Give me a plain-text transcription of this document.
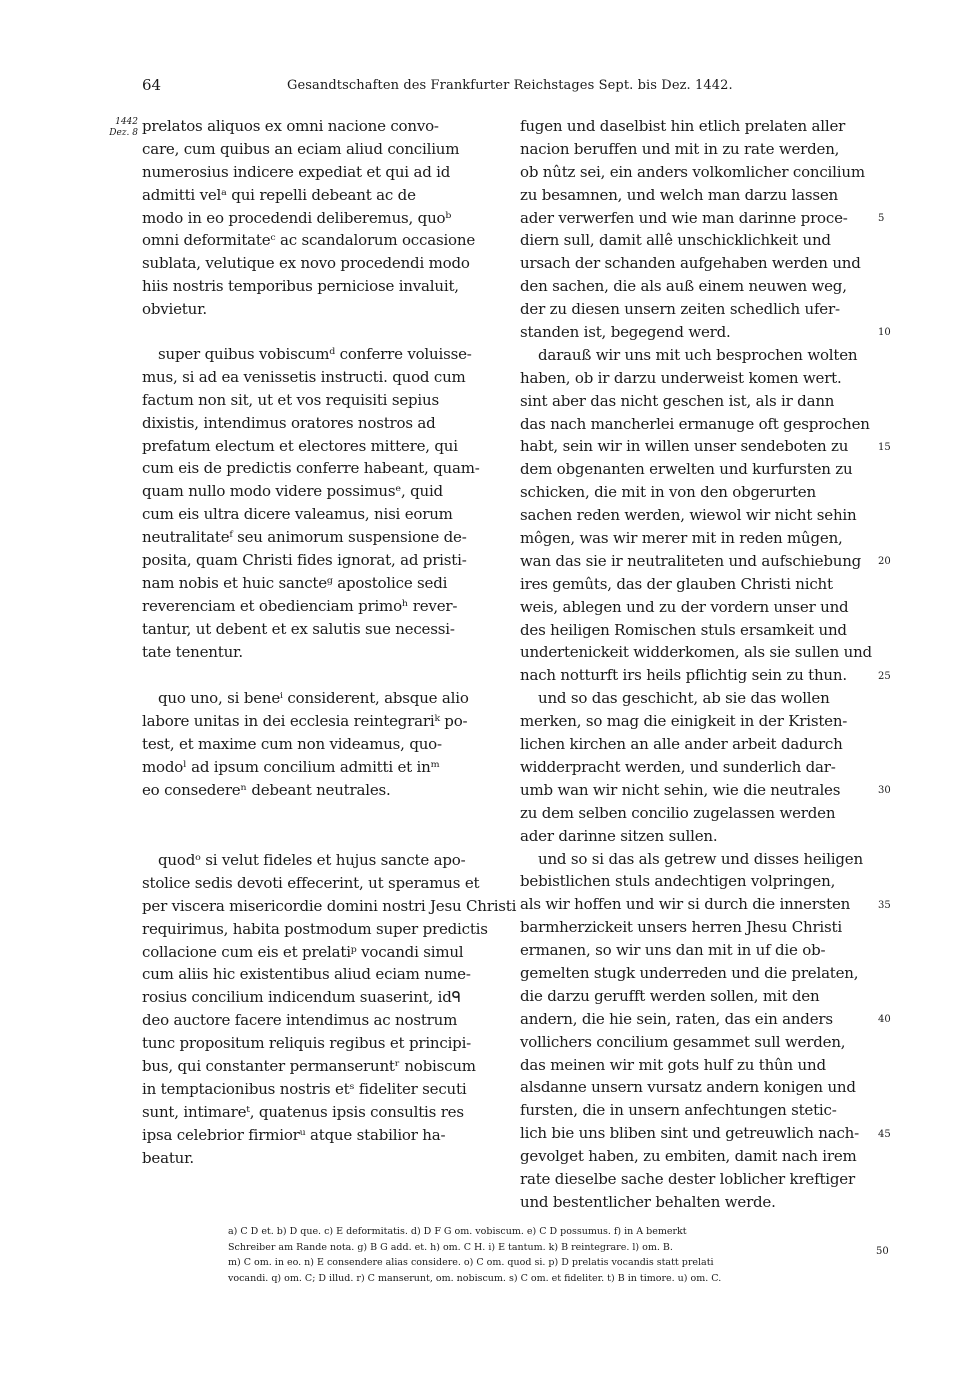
64	Gesandtschaften des Frankfurter Reichstages Sept. bis Dez. 1442.
1442
Dez. 8 prelatos aliquos ex omni nacione convo-
care, cum quibus an eciam aliud concilium
numerosius indicere expediat et qui ad id
admitti velᵃ qui repelli debeant ac de
modo in eo procedendi deliberemus, quoᵇ
omni deformitateᶜ ac scandalorum occasione
sublata, velutique ex novo procedendi modo
hiis nostris temporibus perniciose invaluit,
obvietur.
super quibus vobiscumᵈ conferre voluisse-
mus, si ad ea venissetis instructi. quod cum
factum non sit, ut et vos requisiti sepius
dixistis, intendimus oratores nostros ad
prefatum electum et electores mittere, qui
cum eis de predictis conferre habeant, quam-
quam nullo modo videre possimusᵉ, quid
cum eis ultra dicere valeamus, nisi eorum
neutralitateᶠ seu animorum suspensione de-
posita, quam Christi fides ignorat, ad pristi-
nam nobis et huic sancteᵍ apostolice sedi
reverenciam et obedienciam primoʰ rever-
tantur, ut debent et ex salutis sue necessi-
tate tenentur.
quo uno, si beneⁱ considerent, absque alio
labore unitas in dei ecclesia reintegrariᵏ po-
test, et maxime cum non videamus, quo-
modoˡ ad ipsum concilium admitti et inᵐ
eo consedereⁿ debeant neutrales.
quodᵒ si velut fideles et hujus sancte apo-
stolice sedis devoti effecerint, ut speramus et
per viscera misericordie domini nostri Jesu Christi
requirimus, habita postmodum super predictis
collacione cum eis et prelatiᵖ vocandi simul
cum aliis hic existentibus aliud eciam nume-
rosius concilium indicendum suaserint, idᑫ
deo auctore facere intendimus ac nostrum
tunc propositum reliquis regibus et principi-
bus, qui constanter permanseruntʳ nobiscum
in temptacionibus nostris etˢ fideliter secuti
sunt, intimareᵗ, quatenus ipsis consultis res
ipsa celebrior firmiorᵘ atque stabilior ha-
beatur.
fugen und daselbist hin etlich prelaten aller
nacion beruffen und mit in zu rate werden,
ob nûtz sei, ein anders volkomlicher concilium
zu besamnen, und welch man darzu lassen
ader verwerfen und wie man darinne proce-
diern sull, damit allê unschicklichkeit und
ursach der schanden aufgehaben werden und
den sachen, die als auß einem neuwen weg,
der zu diesen unsern zeiten schedlich ufer-
standen ist, begegend werd.
darauß wir uns mit uch besprochen wolten
haben, ob ir darzu underweist komen wert.
sint aber das nicht geschen ist, als ir dann
das nach mancherlei ermanuge oft gesprochen
habt, sein wir in willen unser sendeboten zu
dem obgenanten erwelten und kurfursten zu
schicken, die mit in von den obgerurten
sachen reden werden, wiewol wir nicht sehin
môgen, was wir merer mit in reden mûgen,
wan das sie ir neutraliteten und aufschiebung
ires gemûts, das der glauben Christi nicht
weis, ablegen und zu der vordern unser und
des heiligen Romischen stuls ersamkeit und
undertenickeit widderkomen, als sie sullen und
nach notturft irs heils pflichtig sein zu thun.
und so das geschicht, ab sie das wollen
merken, so mag die einigkeit in der Kristen-
lichen kirchen an alle ander arbeit dadurch
widderpracht werden, und sunderlich dar-
umb wan wir nicht sehin, wie die neutrales
zu dem selben concilio zugelassen werden
ader darinne sitzen sullen.
und so si das als getrew und disses heiligen
bebistlichen stuls andechtigen volpringen,
als wir hoffen und wir si durch die innersten
barmherzickeit unsers herren Jhesu Christi
ermanen, so wir uns dan mit in uf die ob-
gemelten stugk underreden und die prelaten,
die darzu gerufft werden sollen, mit den
andern, die hie sein, raten, das ein anders
vollichers concilium gesammet sull werden,
das meinen wir mit gots hulf zu thûn und
alsdanne unsern vursatz andern konigen und
fursten, die in unsern anfechtungen stetic-
lich bie uns bliben sint und getreuwlich nach-
gevolget haben, zu embiten, damit nach irem
rate dieselbe sache dester loblicher kreftiger
und bestentlicher behalten werde.
5
10
15
20
25
30
35
40
45
50
a) C D et. b) D que. c) E deformitatis. d) D F G om. vobiscum. e) C D possumus. f) in A bemerkt
Schreiber am Rande nota. g) B G add. et. h) om. C H. i) E tantum. k) B reintegrare. l) om. B.
m) C om. in eo. n) E consendere alias considere. o) C om. quod si. p) D prelatis vocandis statt prelati
vocandi. q) om. C; D illud. r) C manserunt, om. nobiscum. s) C om. et fideliter. t) B in timore. u) om. C.
